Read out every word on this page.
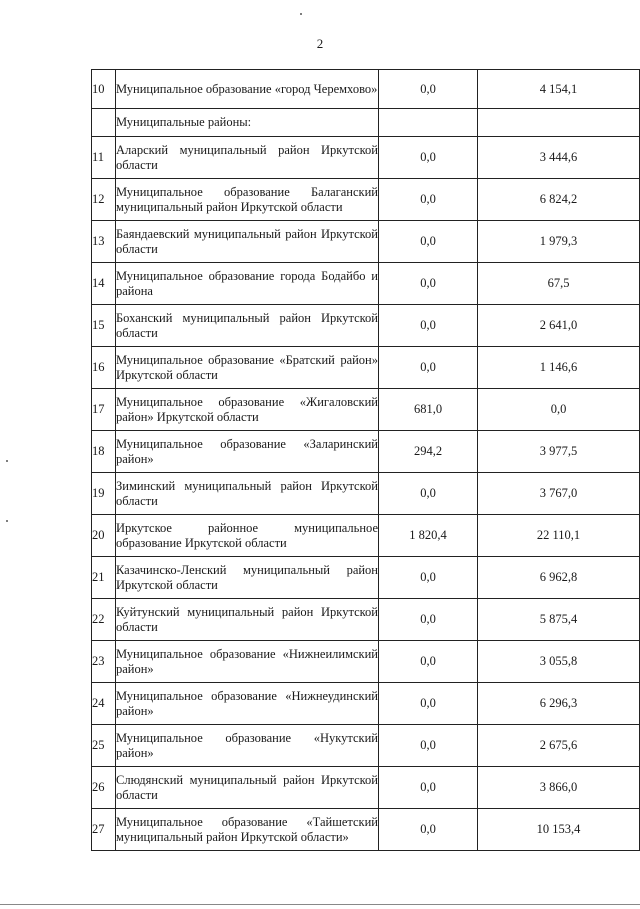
2
10	Муниципальное образование «город Черемхово»	0,0	4 154,1
	Муниципальные районы:		
11	Аларский муниципальный район Иркутской области	0,0	3 444,6
12	Муниципальное образование Балаганский муниципальный район Иркутской области	0,0	6 824,2
13	Баяндаевский муниципальный район Иркутской области	0,0	1 979,3
14	Муниципальное образование города Бодайбо и района	0,0	67,5
15	Боханский муниципальный район Иркутской области	0,0	2 641,0
16	Муниципальное образование «Братский район» Иркутской области	0,0	1 146,6
17	Муниципальное образование «Жигаловский район» Иркутской области	681,0	0,0
18	Муниципальное образование «Заларинский район»	294,2	3 977,5
19	Зиминский муниципальный район Иркутской области	0,0	3 767,0
20	Иркутское районное муниципальное образование Иркутской области	1 820,4	22 110,1
21	Казачинско-Ленский муниципальный район Иркутской области	0,0	6 962,8
22	Куйтунский муниципальный район Иркутской области	0,0	5 875,4
23	Муниципальное образование «Нижнеилимский район»	0,0	3 055,8
24	Муниципальное образование «Нижнеудинский район»	0,0	6 296,3
25	Муниципальное образование «Нукутский район»	0,0	2 675,6
26	Слюдянский муниципальный район Иркутской области	0,0	3 866,0
27	Муниципальное образование «Тайшетский муниципальный район Иркутской области»	0,0	10 153,4
